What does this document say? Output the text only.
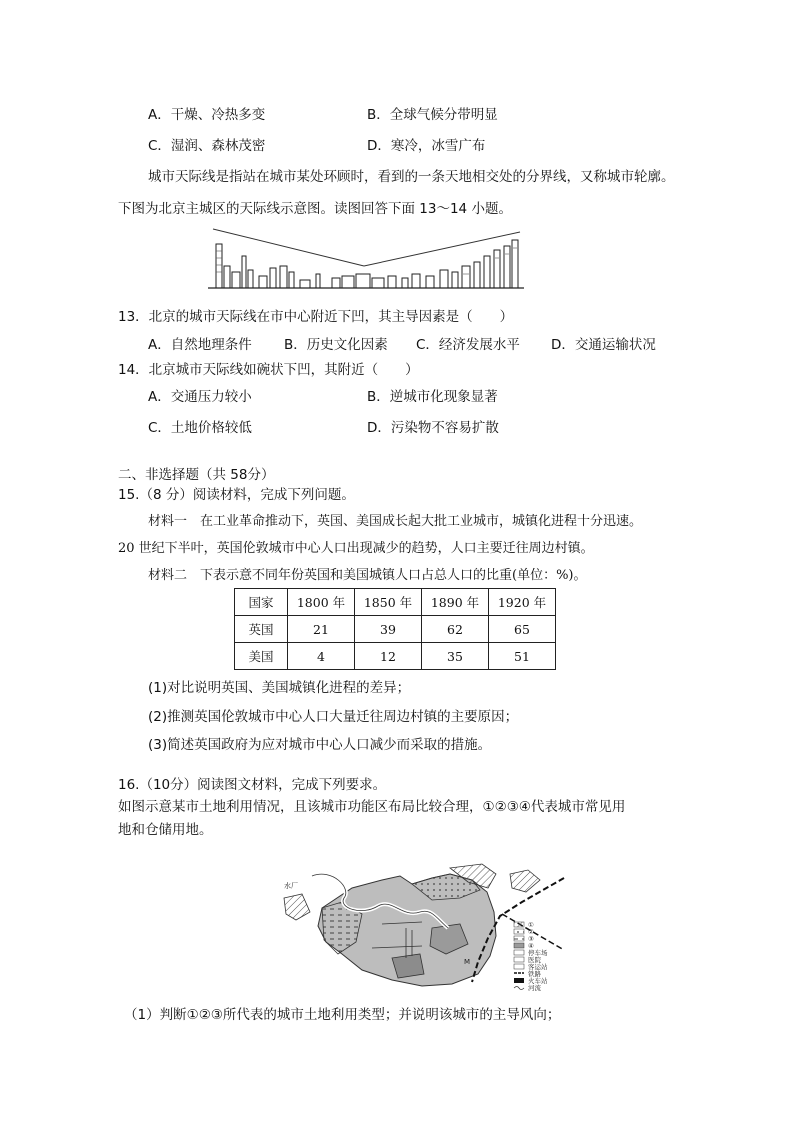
A．干燥、冷热多变	B．全球气候分带明显
C．湿润、森林茂密	D．寒冷，冰雪广布
城市天际线是指站在城市某处环顾时，看到的一条天地相交处的分界线，又称城市轮廓。
下图为北京主城区的天际线示意图。读图回答下面 13～14 小题。
13．北京的城市天际线在市中心附近下凹，其主导因素是（　　）
A．自然地理条件 B．历史文化因素 C．经济发展水平 D．交通运输状况
14．北京城市天际线如碗状下凹，其附近（　　）
A．交通压力较小	B．逆城市化现象显著
C．土地价格较低	D．污染物不容易扩散
二、非选择题（共 58分）
15.（8 分）阅读材料，完成下列问题。
材料一　在工业革命推动下，英国、美国成长起大批工业城市，城镇化进程十分迅速。
20 世纪下半叶，英国伦敦城市中心人口出现减少的趋势，人口主要迁往周边村镇。
材料二　下表示意不同年份英国和美国城镇人口占总人口的比重(单位：%)。
国家	1800 年	1850 年	1890 年	1920 年
英国	21	39	62	65
美国	4	12	35	51
(1)对比说明英国、美国城镇化进程的差异；
(2)推测英国伦敦城市中心人口大量迁往周边村镇的主要原因；
(3)简述英国政府为应对城市中心人口减少而采取的措施。
16.（10分）阅读图文材料，完成下列要求。
如图示意某市土地利用情况，且该城市功能区布局比较合理，①②③④代表城市常见用
地和仓储用地。
水厂
M
①
②
③
④
停车场
医院
客运站
铁路
火车站
河流
（1）判断①②③所代表的城市土地利用类型；并说明该城市的主导风向；
